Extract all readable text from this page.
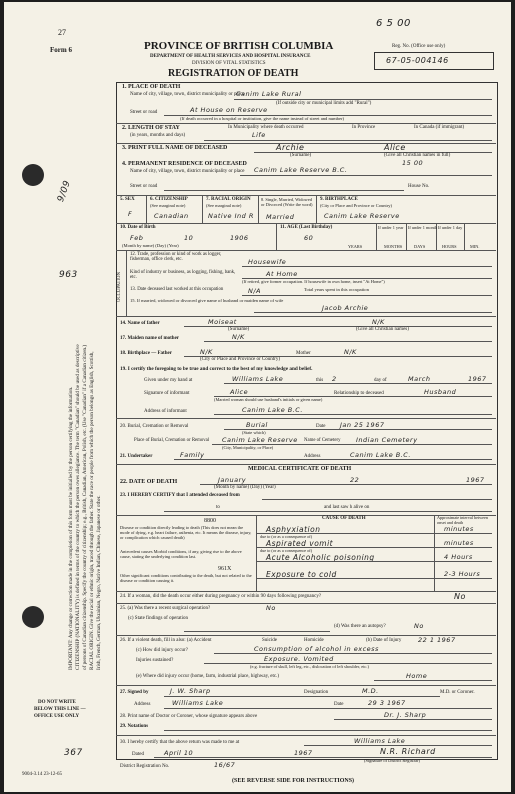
27
Form 6
9/09
963
IMPORTANT: Any change or correction made in the completion of this form must be initialled by the person certifying the information. CITIZENSHIP (NATIONALITY) is defined in terms of the country to which the person owes allegiance. The term "Canadian" should be used as descriptive of persons of Canadian citizenship. Specify the country of citizenship; e.g., British, Canadian, American, Polish, etc. (Use "Canadian" if a Canadian citizen.) RACIAL ORIGIN. Give the racial or ethnic origin, traced through the father. State the race or people from which the person belongs as English, Scottish, Irish, French, German, Ukrainian, Negro, Native Indian, Chinese, Japanese or other.
DO NOT WRITE
BELOW THIS LINE —
OFFICE USE ONLY
367
9004-3.14 23-12-65
6 5 00
PROVINCE OF BRITISH COLUMBIA
DEPARTMENT OF HEALTH SERVICES AND HOSPITAL INSURANCE
DIVISION OF VITAL STATISTICS
REGISTRATION OF DEATH
Reg. No. (Office use only)
67-05-004146
1. PLACE OF DEATH
Name of city, village, town, district municipality or place
Canim Lake Rural
(If outside city or municipal limits add "Rural")
Street or road	At House on Reserve
(If death occurred in a hospital or institution, give the name instead of street and number)
2. LENGTH OF STAY	In Municipality where death occurred	In Province	In Canada (if immigrant)
(in years, months and days)	Life
3. PRINT FULL NAME OF DECEASED	Archie	Alice
(Surname)	(Give all Christian names in full)
4. PERMANENT RESIDENCE OF DECEASED	15 00
Name of city, village, town, district municipality or place Canim Lake Reserve B.C.
Street or road	House No.
5. SEX
F
6. CITIZENSHIP
(See marginal note)
Canadian
7. RACIAL ORIGIN
(See marginal note)
Native Ind R
8. Single, Married, Widowed or Divorced (Write the word)
Married
9. BIRTHPLACE
(City or Place and Province or Country)
Canim Lake Reserve
10. Date of Birth
Feb	10	1906
(Month by name) (Day) (Year)
11. AGE (Last Birthday)
60
If under 1 year If under 1 month If under 1 day
YEARS	MONTHS	DAYS	HOURS	MIN.
OCCUPATION
12. Trade, profession or kind of work as logger, fisherman, office clerk, etc.	Housewife
Kind of industry or business, as logging, fishing, bank, etc.	At Home
(If retired, give former occupation. If housewife in own home, insert "At Home")
13. Date deceased last worked at this occupation	N/A	Total years spent in this occupation
15. If married, widowed or divorced give name of husband or maiden name of wife
Jacob Archie
14. Name of father	Moiseat	N/K
(Surname)	(Give all Christian names)
17. Maiden name of mother	N/K
18. Birthplace — Father	N/K	Mother	N/K
(City or Place and Province or Country)
19. I certify the foregoing to be true and correct to the best of my knowledge and belief.
Given under my hand at	Williams Lake	this 2	day of	March	1967
Signature of informant	Alice	Relationship to deceased	Husband
(Married woman should use husband's initials or given name)
Address of informant	Canim Lake B.C.
20. Burial, Cremation or Removal	Burial
(State which)
Date Jan 25 1967
Place of Burial, Cremation or Removal Canim Lake Reserve Name of Cemetery Indian Cemetery
(City, Municipality, or Place)
21. Undertaker	Family	Address	Canim Lake B.C.
MEDICAL CERTIFICATE OF DEATH
22. DATE OF DEATH	January	22	1967
(Month by name) (Day) (Year)
23. I HEREBY CERTIFY that I attended deceased from
to	and last saw h alive on
CAUSE OF DEATH	Approximate interval between onset and death
8800
Disease or condition directly leading to death (This does not mean the mode of dying, e.g. heart failure, asthenia, etc. It means the disease, injury, or complication which caused death)
Asphyxiation	minutes
due to (or as a consequence of)
Aspirated vomit	minutes
due to (or as a consequence of)
Antecedent causes Morbid conditions, if any, giving rise to the above cause, stating the underlying condition last.	Acute Alcoholic poisoning	4 Hours
961X
Other significant conditions contributing to the death, but not related to the disease or condition causing it.
Exposure to cold	2-3 Hours
24. If a woman, did the death occur either during pregnancy or within 90 days following pregnancy?	No
25. (a) Was there a recent surgical operation?	No
(c) State findings of operation
(d) Was there an autopsy?	No
26. If a violent death, fill in also: (a) Accident	Suicide	Homicide	(b) Date of Injury	22 1 1967
(c) How did injury occur?	Consumption of alcohol in excess
Injuries sustained?	Exposure. Vomited
(e.g. fracture of skull, left leg, etc., dislocation of left shoulder, etc.)
(e) Where did injury occur (home, farm, industrial place, highway, etc.)	Home
27. Signed by	J. W. Sharp	Designation	M.D.	M.D. or Coroner.
Address	Williams Lake	Date	29 3 1967
28. Print name of Doctor or Coroner, whose signature appears above	Dr. J. Sharp
29. Notations
30. I hereby certify that the above return was made to me at	Williams Lake
Dated	April 10	1967	N.R. Richard
(Signature of District Registrar)
District Registration No.	16/67
(SEE REVERSE SIDE FOR INSTRUCTIONS)
